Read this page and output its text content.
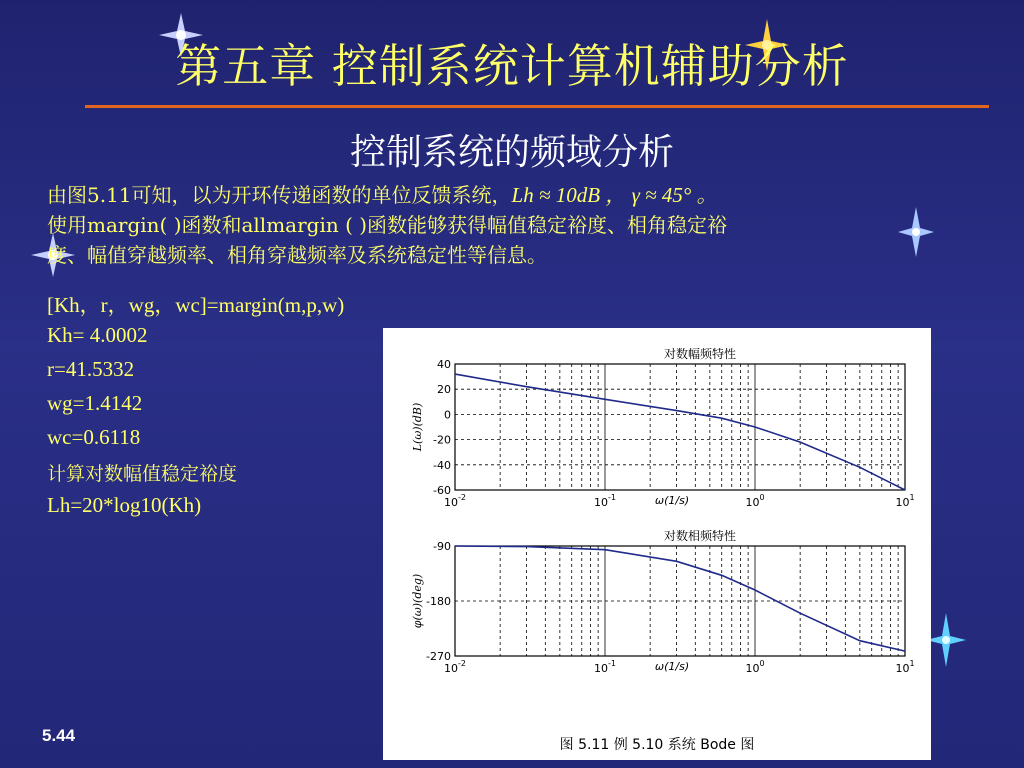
第五章 控制系统计算机辅助分析
控制系统的频域分析
由图5.11可知，以为开环传递函数的单位反馈系统，Lh ≈ 10dB ， γ ≈ 45° 。
使用margin( )函数和allmargin ( )函数能够获得幅值稳定裕度、相角稳定裕
度、幅值穿越频率、相角穿越频率及系统稳定性等信息。
[Kh，r，wg，wc]=margin(m,p,w)
Kh= 4.0002
r=41.5332
wg=1.4142
wc=0.6118
计算对数幅值稳定裕度
Lh=20*log10(Kh)
40
20
0
-20
-40
-60
$10^{-2}$	$10^{-1}$	$10^0$	$10^1$
ω(1/s)
对数幅频特性
L(ω)(dB)
-90
-180
-270
$10^{-2}$	$10^{-1}$	$10^0$	$10^1$
ω(1/s)
对数相频特性
φ(ω)(deg)
图 5.11 例 5.10 系统 Bode 图
5.44
